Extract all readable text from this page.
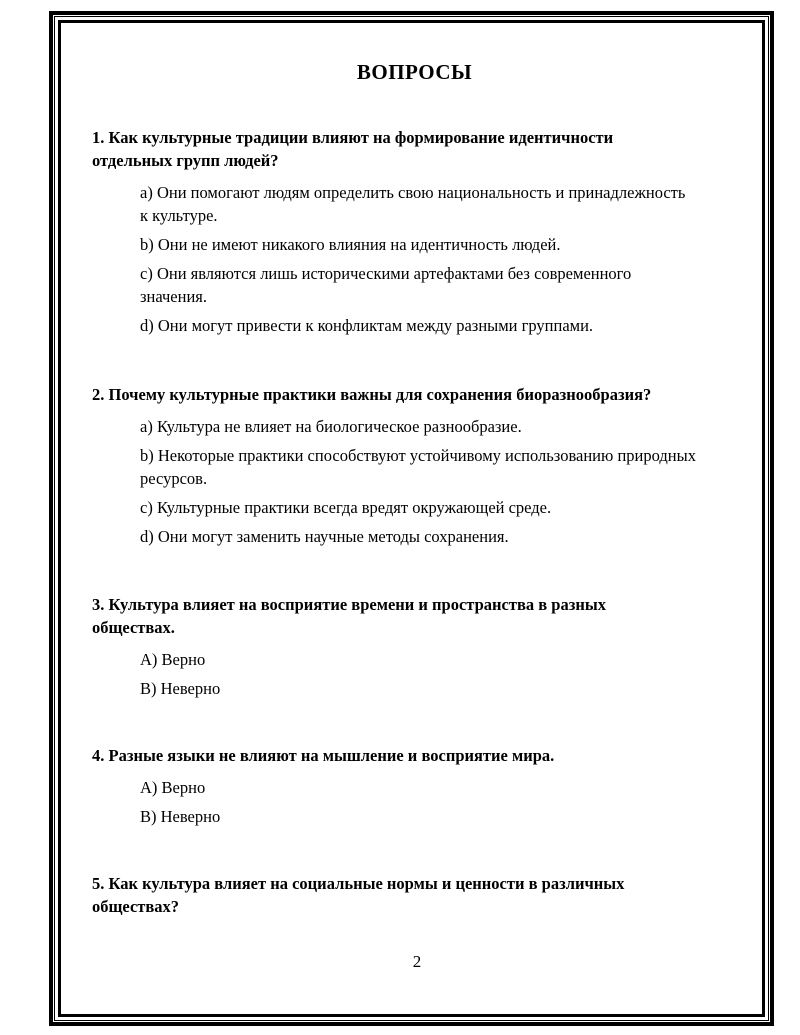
ВОПРОСЫ

1. Как культурные традиции влияют на формирование идентичности отдельных групп людей?

a) Они помогают людям определить свою национальность и принадлежность к культуре.
b) Они не имеют никакого влияния на идентичность людей.
c) Они являются лишь историческими артефактами без современного значения.
d) Они могут привести к конфликтам между разными группами.

2. Почему культурные практики важны для сохранения биоразнообразия?

a) Культура не влияет на биологическое разнообразие.
b) Некоторые практики способствуют устойчивому использованию природных ресурсов.
c) Культурные практики всегда вредят окружающей среде.
d) Они могут заменить научные методы сохранения.

3. Культура влияет на восприятие времени и пространства в разных обществах.

A) Верно
B) Неверно

4. Разные языки не влияют на мышление и восприятие мира.

A) Верно
B) Неверно

5. Как культура влияет на социальные нормы и ценности в различных обществах?

2
